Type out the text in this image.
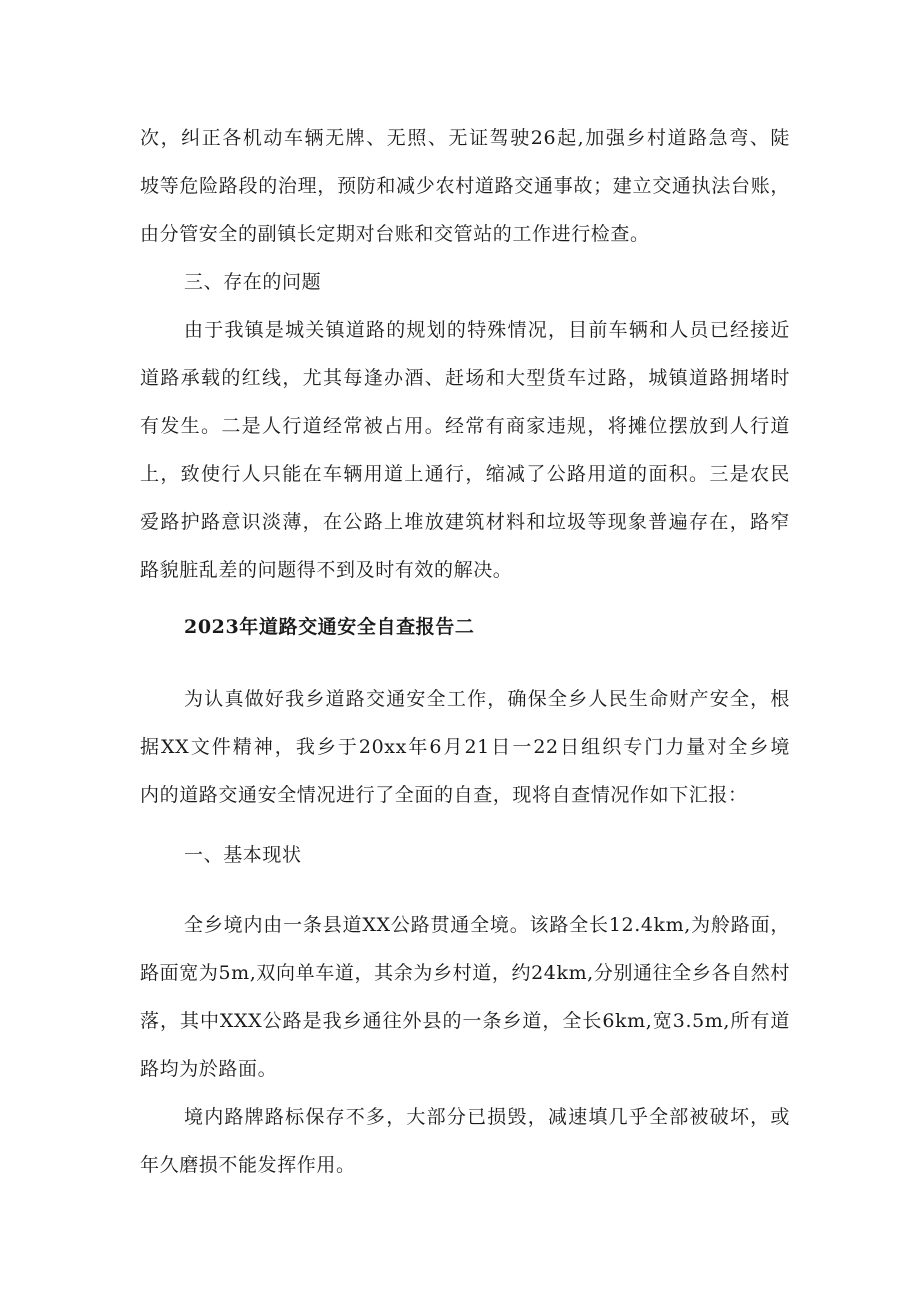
次，纠正各机动车辆无牌、无照、无证驾驶26起,加强乡村道路急弯、陡
坡等危险路段的治理，预防和减少农村道路交通事故；建立交通执法台账，
由分管安全的副镇长定期对台账和交管站的工作进行检查。
三、存在的问题
由于我镇是城关镇道路的规划的特殊情况，目前车辆和人员已经接近
道路承载的红线，尤其每逢办酒、赶场和大型货车过路，城镇道路拥堵时
有发生。二是人行道经常被占用。经常有商家违规，将摊位摆放到人行道
上，致使行人只能在车辆用道上通行，缩减了公路用道的面积。三是农民
爱路护路意识淡薄，在公路上堆放建筑材料和垃圾等现象普遍存在，路窄
路貌脏乱差的问题得不到及时有效的解决。
2023年道路交通安全自查报告二
为认真做好我乡道路交通安全工作，确保全乡人民生命财产安全，根
据XX文件精神，我乡于20xx年6月21日一22日组织专门力量对全乡境
内的道路交通安全情况进行了全面的自查，现将自查情况作如下汇报：
一、基本现状
全乡境内由一条县道XX公路贯通全境。该路全长12.4km,为舲路面，
路面宽为5m,双向单车道，其余为乡村道，约24km,分别通往全乡各自然村
落，其中XXX公路是我乡通往外县的一条乡道，全长6km,宽3.5m,所有道
路均为於路面。
境内路牌路标保存不多，大部分已损毁，减速填几乎全部被破坏，或
年久磨损不能发挥作用。
